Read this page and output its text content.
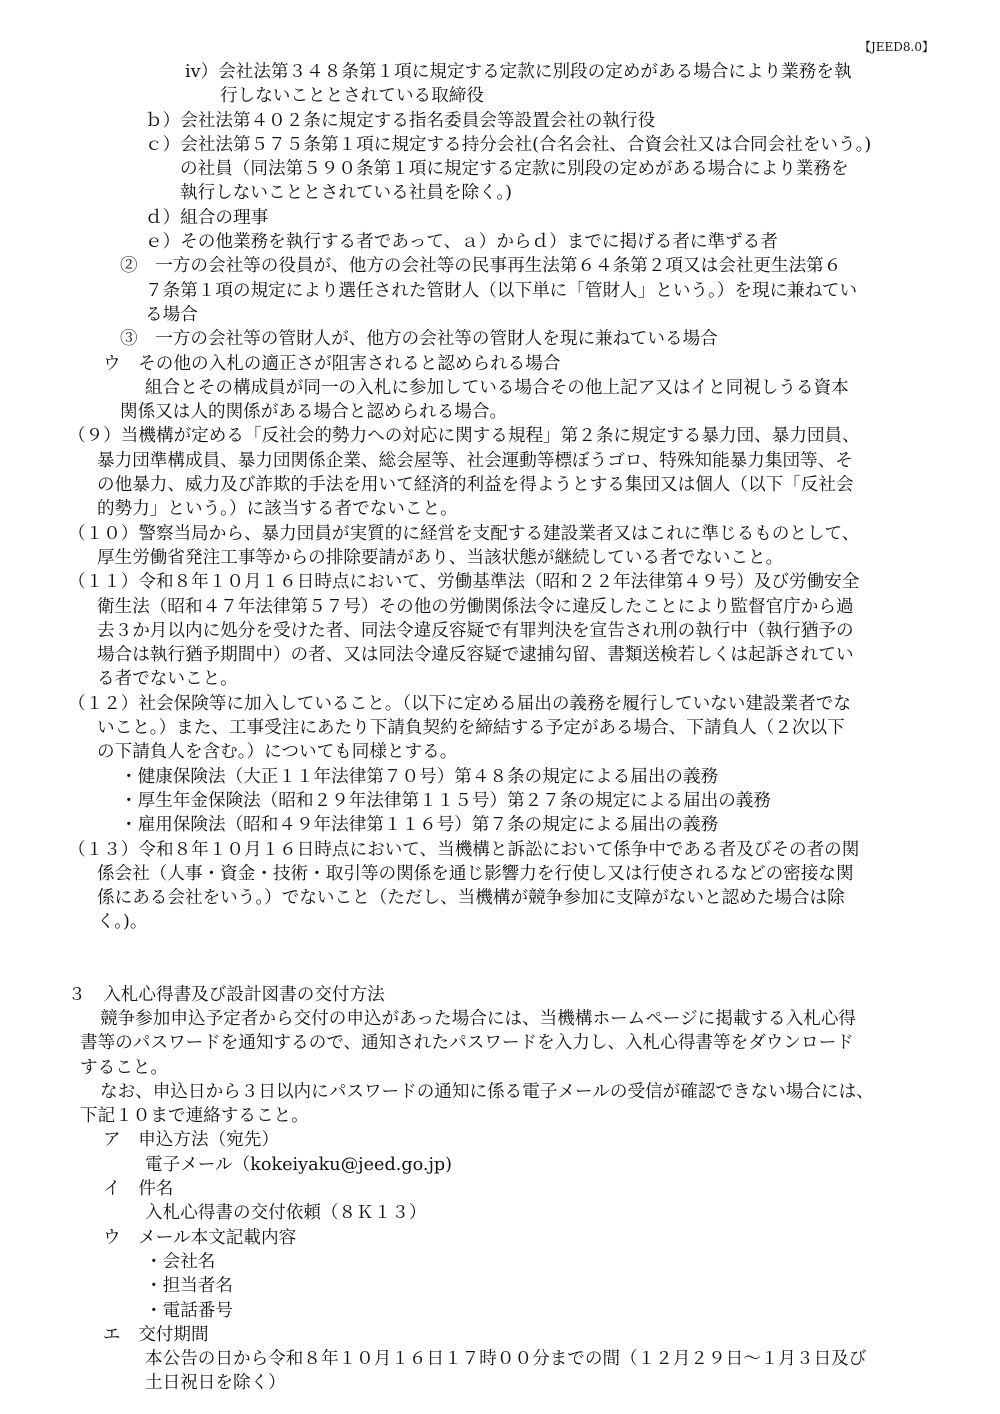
【JEED8.0】
ⅳ）会社法第３４８条第１項に規定する定款に別段の定めがある場合により業務を執
行しないこととされている取締役
ｂ）会社法第４０２条に規定する指名委員会等設置会社の執行役
ｃ）会社法第５７５条第１項に規定する持分会社(合名会社、合資会社又は合同会社をいう。)
の社員（同法第５９０条第１項に規定する定款に別段の定めがある場合により業務を
執行しないこととされている社員を除く。)
ｄ）組合の理事
ｅ）その他業務を執行する者であって、ａ）からｄ）までに掲げる者に準ずる者
②　一方の会社等の役員が、他方の会社等の民事再生法第６４条第２項又は会社更生法第６
７条第１項の規定により選任された管財人（以下単に「管財人」という。）を現に兼ねてい
る場合
③　一方の会社等の管財人が、他方の会社等の管財人を現に兼ねている場合
ウ　その他の入札の適正さが阻害されると認められる場合
組合とその構成員が同一の入札に参加している場合その他上記ア又はイと同視しうる資本
関係又は人的関係がある場合と認められる場合。
（９）当機構が定める「反社会的勢力への対応に関する規程」第２条に規定する暴力団、暴力団員、
暴力団準構成員、暴力団関係企業、総会屋等、社会運動等標ぼうゴロ、特殊知能暴力集団等、そ
の他暴力、威力及び詐欺的手法を用いて経済的利益を得ようとする集団又は個人（以下「反社会
的勢力」という。）に該当する者でないこと。
（１０）警察当局から、暴力団員が実質的に経営を支配する建設業者又はこれに準じるものとして、
厚生労働省発注工事等からの排除要請があり、当該状態が継続している者でないこと。
（１１）令和８年１０月１６日時点において、労働基準法（昭和２２年法律第４９号）及び労働安全
衛生法（昭和４７年法律第５７号）その他の労働関係法令に違反したことにより監督官庁から過
去３か月以内に処分を受けた者、同法令違反容疑で有罪判決を宣告され刑の執行中（執行猶予の
場合は執行猶予期間中）の者、又は同法令違反容疑で逮捕勾留、書類送検若しくは起訴されてい
る者でないこと。
（１２）社会保険等に加入していること。（以下に定める届出の義務を履行していない建設業者でな
いこと。）また、工事受注にあたり下請負契約を締結する予定がある場合、下請負人（２次以下
の下請負人を含む。）についても同様とする。
・健康保険法（大正１１年法律第７０号）第４８条の規定による届出の義務
・厚生年金保険法（昭和２９年法律第１１５号）第２７条の規定による届出の義務
・雇用保険法（昭和４９年法律第１１６号）第７条の規定による届出の義務
（１３）令和８年１０月１６日時点において、当機構と訴訟において係争中である者及びその者の関
係会社（人事・資金・技術・取引等の関係を通じ影響力を行使し又は行使されるなどの密接な関
係にある会社をいう。）でないこと（ただし、当機構が競争参加に支障がないと認めた場合は除
く。)。
３　入札心得書及び設計図書の交付方法
競争参加申込予定者から交付の申込があった場合には、当機構ホームページに掲載する入札心得
書等のパスワードを通知するので、通知されたパスワードを入力し、入札心得書等をダウンロード
すること。
なお、申込日から３日以内にパスワードの通知に係る電子メールの受信が確認できない場合には、
下記１０まで連絡すること。
ア　申込方法（宛先）
電子メール（kokeiyaku@jeed.go.jp)
イ　件名
入札心得書の交付依頼（８Ｋ１３）
ウ　メール本文記載内容
・会社名
・担当者名
・電話番号
エ　交付期間
本公告の日から令和８年１０月１６日１７時００分までの間（１２月２９日～１月３日及び
土日祝日を除く）
